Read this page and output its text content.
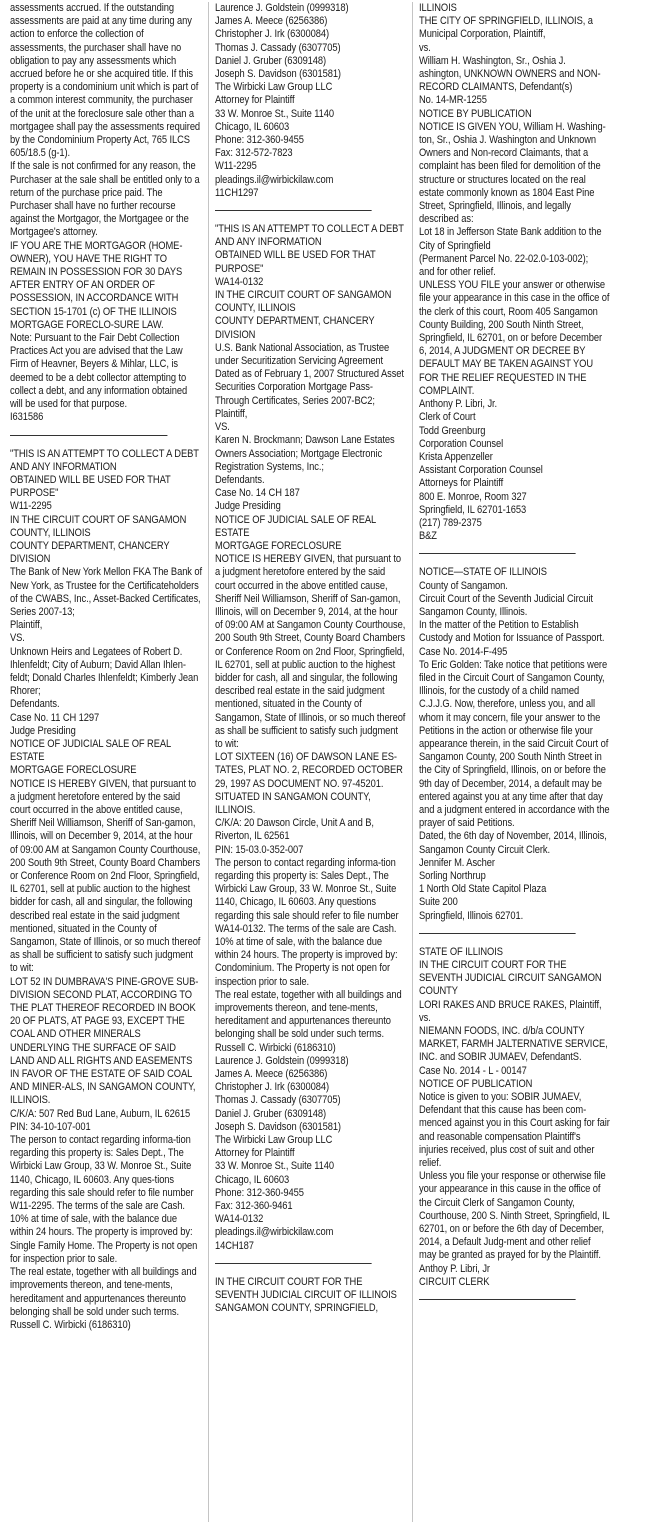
assessments accrued. If the outstanding assessments are paid at any time during any action to enforce the collection of assessments, the purchaser shall have no obligation to pay any assessments which accrued before he or she acquired title. If this property is a condominium unit which is part of a common interest community, the purchaser of the unit at the foreclosure sale other than a mortgagee shall pay the assessments required by the Condominium Property Act, 765 ILCS 605/18.5 (g-1).
If the sale is not confirmed for any reason, the Purchaser at the sale shall be entitled only to a return of the purchase price paid. The Purchaser shall have no further recourse against the Mortgagor, the Mortgagee or the Mortgagee's attorney.
IF YOU ARE THE MORTGAGOR (HOME-OWNER), YOU HAVE THE RIGHT TO REMAIN IN POSSESSION FOR 30 DAYS AFTER ENTRY OF AN ORDER OF POSSESSION, IN ACCORDANCE WITH SECTION 15-1701 (c) OF THE ILLINOIS MORTGAGE FORECLO-SURE LAW.
Note: Pursuant to the Fair Debt Collection Practices Act you are advised that the Law Firm of Heavner, Beyers & Mihlar, LLC, is deemed to be a debt collector attempting to collect a debt, and any information obtained will be used for that purpose.
I631586

"THIS IS AN ATTEMPT TO COLLECT A DEBT AND ANY INFORMATION
OBTAINED WILL BE USED FOR THAT PURPOSE"
W11-2295
IN THE CIRCUIT COURT OF SANGAMON COUNTY, ILLINOIS
COUNTY DEPARTMENT, CHANCERY DIVISION
The Bank of New York Mellon FKA The Bank of New York, as Trustee for the Certificateholders of the CWABS, Inc., Asset-Backed Certificates, Series 2007-13;
Plaintiff,
VS.
Unknown Heirs and Legatees of Robert D. Ihlenfeldt; City of Auburn; David Allan Ihlen-feldt; Donald Charles Ihlenfeldt; Kimberly Jean Rhorer;
Defendants.
Case No. 11 CH 1297
Judge Presiding
NOTICE OF JUDICIAL SALE OF REAL ESTATE
MORTGAGE FORECLOSURE
NOTICE IS HEREBY GIVEN, that pursuant to a judgment heretofore entered by the said court occurred in the above entitled cause, Sheriff Neil Williamson, Sheriff of San-gamon, Illinois, will on December 9, 2014, at the hour of 09:00 AM at Sangamon County Courthouse, 200 South 9th Street, County Board Chambers or Conference Room on 2nd Floor, Springfield, IL 62701, sell at public auction to the highest bidder for cash, all and singular, the following described real estate in the said judgment mentioned, situated in the County of Sangamon, State of Illinois, or so much thereof as shall be sufficient to satisfy such judgment to wit:
LOT 52 IN DUMBRAVA'S PINE-GROVE SUB-DIVISION SECOND PLAT, ACCORDING TO THE PLAT THEREOF RECORDED IN BOOK 20 OF PLATS, AT PAGE 93, EXCEPT THE COAL AND OTHER MINERALS UNDERLYING THE SURFACE OF SAID LAND AND ALL RIGHTS AND EASEMENTS IN FAVOR OF THE ESTATE OF SAID COAL AND MINER-ALS, IN SANGAMON COUNTY, ILLINOIS.
C/K/A: 507 Red Bud Lane, Auburn, IL 62615
PIN: 34-10-107-001
The person to contact regarding informa-tion regarding this property is: Sales Dept., The Wirbicki Law Group, 33 W. Monroe St., Suite 1140, Chicago, IL 60603. Any ques-tions regarding this sale should refer to file number W11-2295. The terms of the sale are Cash. 10% at time of sale, with the balance due within 24 hours. The property is improved by: Single Family Home. The Property is not open for inspection prior to sale.
The real estate, together with all buildings and improvements thereon, and tene-ments, hereditament and appurtenances thereunto belonging shall be sold under such terms.
Russell C. Wirbicki (6186310)

Laurence J. Goldstein (0999318)
James A. Meece (6256386)
Christopher J. Irk (6300084)
Thomas J. Cassady (6307705)
Daniel J. Gruber (6309148)
Joseph S. Davidson (6301581)
The Wirbicki Law Group LLC
Attorney for Plaintiff
33 W. Monroe St., Suite 1140
Chicago, IL 60603
Phone: 312-360-9455
Fax: 312-572-7823
W11-2295
pleadings.il@wirbickilaw.com
11CH1297

"THIS IS AN ATTEMPT TO COLLECT A DEBT AND ANY INFORMATION
OBTAINED WILL BE USED FOR THAT PURPOSE"
WA14-0132
IN THE CIRCUIT COURT OF SANGAMON COUNTY, ILLINOIS
COUNTY DEPARTMENT, CHANCERY DIVISION
U.S. Bank National Association, as Trustee under Securitization Servicing Agreement Dated as of February 1, 2007 Structured Asset Securities Corporation Mortgage Pass-Through Certificates, Series 2007-BC2;
Plaintiff,
VS.
Karen N. Brockmann; Dawson Lane Estates Owners Association; Mortgage Electronic Registration Systems, Inc.;
Defendants.
Case No. 14 CH 187
Judge Presiding
NOTICE OF JUDICIAL SALE OF REAL ESTATE
MORTGAGE FORECLOSURE
NOTICE IS HEREBY GIVEN, that pursuant to a judgment heretofore entered by the said court occurred in the above entitled cause, Sheriff Neil Williamson, Sheriff of San-gamon, Illinois, will on December 9, 2014, at the hour of 09:00 AM at Sangamon County Courthouse, 200 South 9th Street, County Board Chambers or Conference Room on 2nd Floor, Springfield, IL 62701, sell at public auction to the highest bidder for cash, all and singular, the following described real estate in the said judgment mentioned, situated in the County of Sangamon, State of Illinois, or so much thereof as shall be sufficient to satisfy such judgment to wit:
LOT SIXTEEN (16) OF DAWSON LANE ES-TATES, PLAT NO. 2, RECORDED OCTOBER 29, 1997 AS DOCUMENT NO. 97-45201. SITUATED IN SANGAMON COUNTY, ILLINOIS.
C/K/A: 20 Dawson Circle, Unit A and B, Riverton, IL 62561
PIN: 15-03.0-352-007
The person to contact regarding informa-tion regarding this property is: Sales Dept., The Wirbicki Law Group, 33 W. Monroe St., Suite 1140, Chicago, IL 60603. Any questions regarding this sale should refer to file number WA14-0132. The terms of the sale are Cash. 10% at time of sale, with the balance due within 24 hours. The property is improved by: Condominium. The Property is not open for inspection prior to sale.
The real estate, together with all buildings and improvements thereon, and tene-ments, hereditament and appurtenances thereunto belonging shall be sold under such terms.
Russell C. Wirbicki (6186310)
Laurence J. Goldstein (0999318)
James A. Meece (6256386)
Christopher J. Irk (6300084)
Thomas J. Cassady (6307705)
Daniel J. Gruber (6309148)
Joseph S. Davidson (6301581)
The Wirbicki Law Group LLC
Attorney for Plaintiff
33 W. Monroe St., Suite 1140
Chicago, IL 60603
Phone: 312-360-9455
Fax: 312-360-9461
WA14-0132
pleadings.il@wirbickilaw.com
14CH187

IN THE CIRCUIT COURT FOR THE SEVENTH JUDICIAL CIRCUIT OF ILLINOIS
SANGAMON COUNTY, SPRINGFIELD,

ILLINOIS
THE CITY OF SPRINGFIELD, ILLINOIS, a Municipal Corporation, Plaintiff,
vs.
William H. Washington, Sr., Oshia J. ashington, UNKNOWN OWNERS and NON-RECORD CLAIMANTS, Defendant(s)
No. 14-MR-1255
NOTICE BY PUBLICATION
NOTICE IS GIVEN YOU, William H. Washing-ton, Sr., Oshia J. Washington and Unknown Owners and Non-record Claimants, that a complaint has been filed for demolition of the structure or structures located on the real estate commonly known as 1804 East Pine Street, Springfield, Illinois, and legally described as:
Lot 18 in Jefferson State Bank addition to the City of Springfield
(Permanent Parcel No. 22-02.0-103-002);
and for other relief.
UNLESS YOU FILE your answer or otherwise file your appearance in this case in the office of the clerk of this court, Room 405 Sangamon County Building, 200 South Ninth Street, Springfield, IL 62701, on or before December 6, 2014, A JUDGMENT OR DECREE BY DEFAULT MAY BE TAKEN AGAINST YOU FOR THE RELIEF REQUESTED IN THE COMPLAINT.
Anthony P. Libri, Jr.
Clerk of Court
Todd Greenburg
Corporation Counsel
Krista Appenzeller
Assistant Corporation Counsel
Attorneys for Plaintiff
800 E. Monroe, Room 327
Springfield, IL 62701-1653
(217) 789-2375
B&Z

NOTICE—STATE OF ILLINOIS
County of Sangamon.
Circuit Court of the Seventh Judicial Circuit Sangamon County, Illinois.
In the matter of the Petition to Establish Custody and Motion for Issuance of Passport.
Case No. 2014-F-495
To Eric Golden: Take notice that petitions were filed in the Circuit Court of Sangamon County, Illinois, for the custody of a child named C.J.J.G. Now, therefore, unless you, and all whom it may concern, file your answer to the Petitions in the action or otherwise file your appearance therein, in the said Circuit Court of Sangamon County, 200 South Ninth Street in the City of Springfield, Illinois, on or before the 9th day of December, 2014, a default may be entered against you at any time after that day and a judgment entered in accordance with the prayer of said Petitions.
Dated, the 6th day of November, 2014, Illinois,
Sangamon County Circuit Clerk.
Jennifer M. Ascher
Sorling Northrup
1 North Old State Capitol Plaza
Suite 200
Springfield, Illinois 62701.

STATE OF ILLINOIS
IN THE CIRCUIT COURT FOR THE SEVENTH JUDICIAL CIRCUIT SANGAMON COUNTY
LORI RAKES AND BRUCE RAKES, Plaintiff,
vs.
NIEMANN FOODS, INC. d/b/a COUNTY MARKET, FARMH JALTERNATIVE SERVICE, INC. and SOBIR JUMAEV, DefendantS.
Case No. 2014 - L - 00147
NOTICE OF PUBLICATION
Notice is given to you: SOBIR JUMAEV, Defendant that this cause has been com-menced against you in this Court asking for fair and reasonable compensation Plaintiff's injuries received, plus cost of suit and other relief.
Unless you file your response or otherwise file your appearance in this cause in the office of the Circuit Clerk of Sangamon County, Courthouse, 200 S. Ninth Street, Springfield, IL 62701, on or before the 6th day of December, 2014, a Default Judg-ment and other relief may be granted as prayed for by the Plaintiff.
Anthoy P. Libri, Jr
CIRCUIT CLERK
